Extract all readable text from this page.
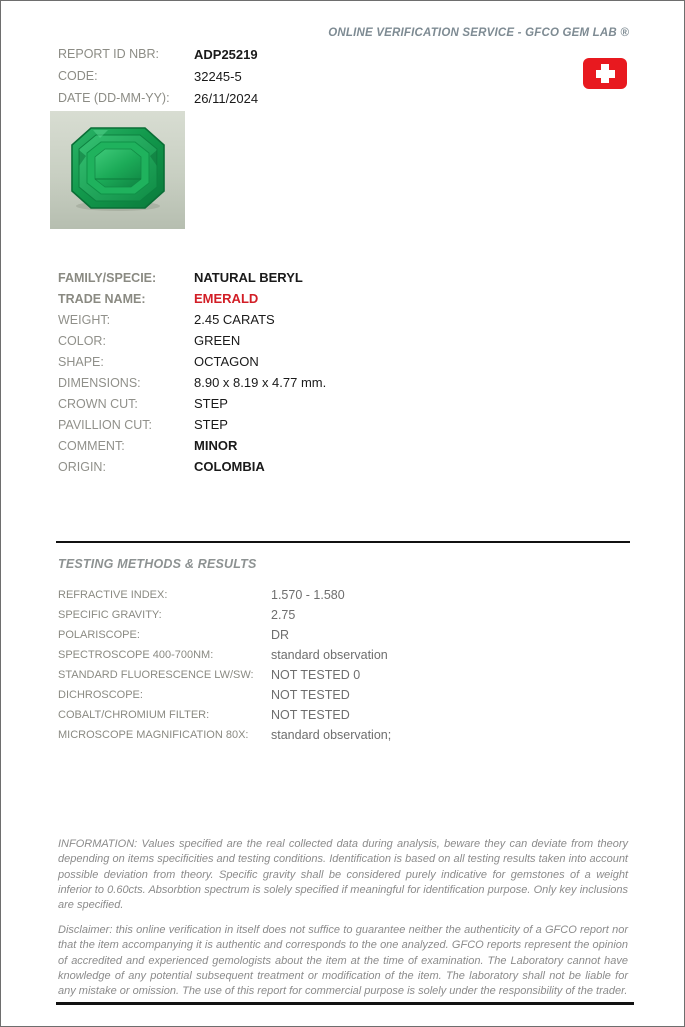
ONLINE VERIFICATION SERVICE - GFCO GEM LAB ®
REPORT ID NBR:	ADP25219
CODE:	32245-5
DATE (DD-MM-YY):	26/11/2024
FAMILY/SPECIE:	NATURAL BERYL
TRADE NAME:	EMERALD
WEIGHT:	2.45 CARATS
COLOR:	GREEN
SHAPE:	OCTAGON
DIMENSIONS:	8.90 x 8.19 x 4.77 mm.
CROWN CUT:	STEP
PAVILLION CUT:	STEP
COMMENT:	MINOR
ORIGIN:	COLOMBIA
TESTING METHODS & RESULTS
REFRACTIVE INDEX:	1.570 - 1.580
SPECIFIC GRAVITY:	2.75
POLARISCOPE:	DR
SPECTROSCOPE 400-700NM:	standard observation
STANDARD FLUORESCENCE LW/SW:	NOT TESTED 0
DICHROSCOPE:	NOT TESTED
COBALT/CHROMIUM FILTER:	NOT TESTED
MICROSCOPE MAGNIFICATION 80X:	standard observation;
INFORMATION: Values specified are the real collected data during analysis, beware they can deviate from theory depending on items specificities and testing conditions. Identification is based on all testing results taken into account possible deviation from theory. Specific gravity shall be considered purely indicative for gemstones of a weight inferior to 0.60cts. Absorbtion spectrum is solely specified if meaningful for identification purpose. Only key inclusions are specified.
Disclaimer: this online verification in itself does not suffice to guarantee neither the authenticity of a GFCO report nor that the item accompanying it is authentic and corresponds to the one analyzed. GFCO reports represent the opinion of accredited and experienced gemologists about the item at the time of examination. The Laboratory cannot have knowledge of any potential subsequent treatment or modification of the item. The laboratory shall not be liable for any mistake or omission. The use of this report for commercial purpose is solely under the responsibility of the trader.
